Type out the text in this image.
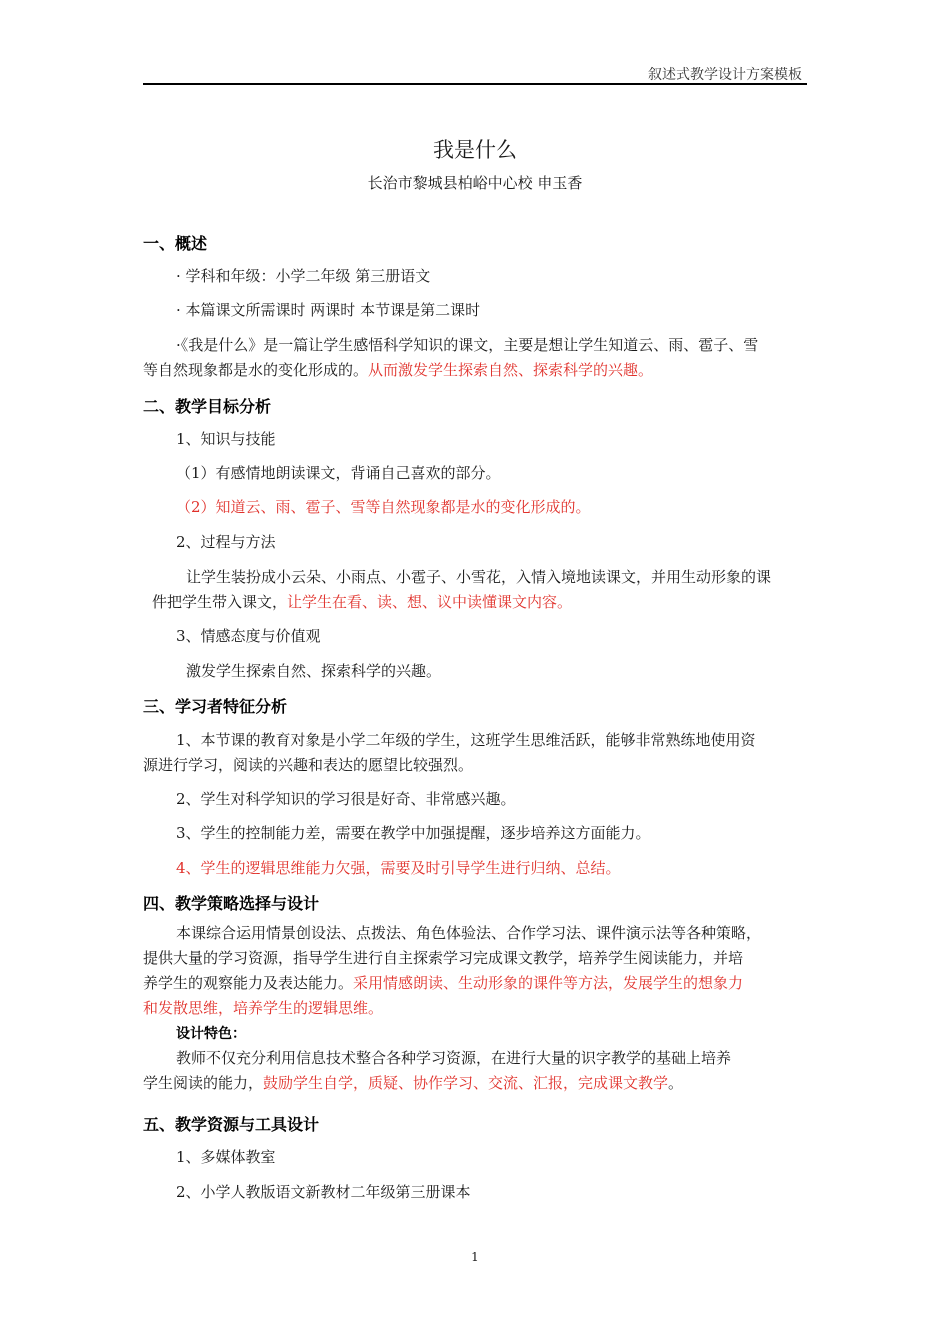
叙述式教学设计方案模板
我是什么
长治市黎城县柏峪中心校 申玉香
一、概述
· 学科和年级：小学二年级 第三册语文
· 本篇课文所需课时 两课时 本节课是第二课时
·《我是什么》是一篇让学生感悟科学知识的课文，主要是想让学生知道云、雨、雹子、雪
等自然现象都是水的变化形成的。从而激发学生探索自然、探索科学的兴趣。
二、教学目标分析
1、知识与技能
（1）有感情地朗读课文，背诵自己喜欢的部分。
（2）知道云、雨、雹子、雪等自然现象都是水的变化形成的。
2、过程与方法
让学生装扮成小云朵、小雨点、小雹子、小雪花，入情入境地读课文，并用生动形象的课
件把学生带入课文，让学生在看、读、想、议中读懂课文内容。
3、情感态度与价值观
激发学生探索自然、探索科学的兴趣。
三、学习者特征分析
1、本节课的教育对象是小学二年级的学生，这班学生思维活跃，能够非常熟练地使用资
源进行学习，阅读的兴趣和表达的愿望比较强烈。
2、学生对科学知识的学习很是好奇、非常感兴趣。
3、学生的控制能力差，需要在教学中加强提醒，逐步培养这方面能力。
4、学生的逻辑思维能力欠强，需要及时引导学生进行归纳、总结。
四、教学策略选择与设计
本课综合运用情景创设法、点拨法、角色体验法、合作学习法、课件演示法等各种策略，
提供大量的学习资源，指导学生进行自主探索学习完成课文教学，培养学生阅读能力，并培
养学生的观察能力及表达能力。采用情感朗读、生动形象的课件等方法，发展学生的想象力
和发散思维，培养学生的逻辑思维。
设计特色：
教师不仅充分利用信息技术整合各种学习资源，在进行大量的识字教学的基础上培养
学生阅读的能力，鼓励学生自学，质疑、协作学习、交流、汇报，完成课文教学。
五、教学资源与工具设计
1、多媒体教室
2、小学人教版语文新教材二年级第三册课本
1
